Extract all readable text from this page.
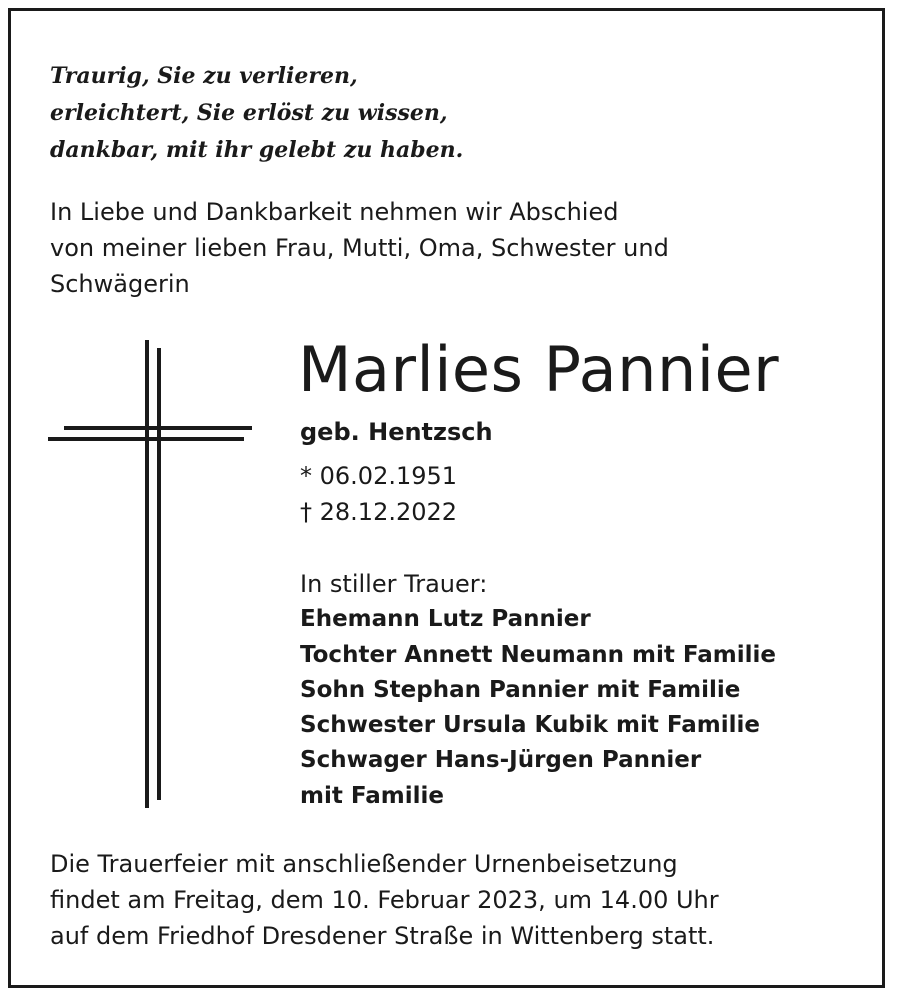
Traurig, Sie zu verlieren,
erleichtert, Sie erlöst zu wissen,
dankbar, mit ihr gelebt zu haben.

In Liebe und Dankbarkeit nehmen wir Abschied
von meiner lieben Frau, Mutti, Oma, Schwester und
Schwägerin

Marlies Pannier

geb. Hentzsch

* 06.02.1951
† 28.12.2022

In stiller Trauer:
Ehemann Lutz Pannier
Tochter Annett Neumann mit Familie
Sohn Stephan Pannier mit Familie
Schwester Ursula Kubik mit Familie
Schwager Hans-Jürgen Pannier
mit Familie

Die Trauerfeier mit anschließender Urnenbeisetzung
findet am Freitag, dem 10. Februar 2023, um 14.00 Uhr
auf dem Friedhof Dresdener Straße in Wittenberg statt.
